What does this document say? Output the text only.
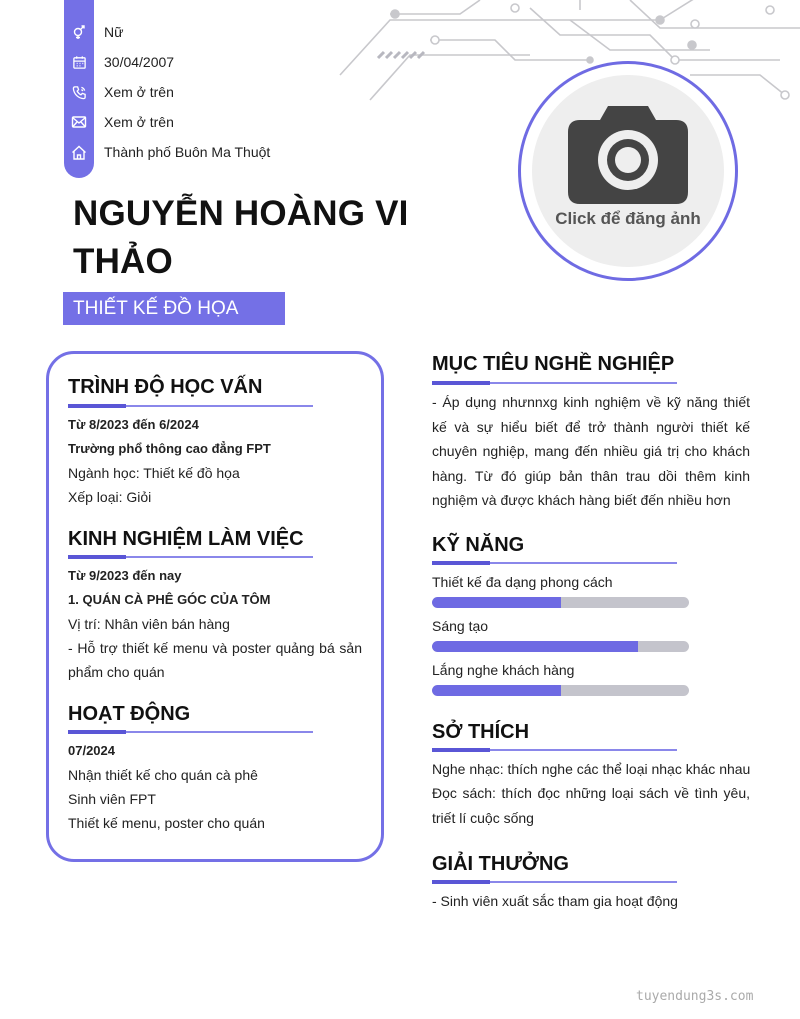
Nữ
30/04/2007
Xem ở trên
Xem ở trên
Thành phố Buôn Ma Thuột
NGUYỄN HOÀNG VI
THẢO
THIẾT KẾ ĐỒ HỌA
Click để đăng ảnh
TRÌNH ĐỘ HỌC VẤN
Từ 8/2023 đến 6/2024
Trường phổ thông cao đẳng FPT
Ngành học: Thiết kế đồ họa
Xếp loại: Giỏi
KINH NGHIỆM LÀM VIỆC
Từ 9/2023 đến nay
1. QUÁN CÀ PHÊ GÓC CỦA TÔM
Vị trí: Nhân viên bán hàng
- Hỗ trợ thiết kế menu và poster quảng bá sản
phẩm cho quán
HOẠT ĐỘNG
07/2024
Nhận thiết kế cho quán cà phê
Sinh viên FPT
Thiết kế menu, poster cho quán
MỤC TIÊU NGHỀ NGHIỆP
- Áp dụng nhưnnxg kinh nghiệm về kỹ năng thiết kế và sự hiểu biết để trở thành người thiết kế chuyên nghiệp, mang đến nhiều giá trị cho khách hàng. Từ đó giúp bản thân trau dồi thêm kinh nghiệm và được khách hàng biết đến nhiều hơn
KỸ NĂNG
Thiết kế đa dạng phong cách
Sáng tạo
Lắng nghe khách hàng
SỞ THÍCH
Nghe nhạc: thích nghe các thể loại nhạc khác nhau
Đọc sách: thích đọc những loại sách về tình yêu, triết lí cuộc sống
GIẢI THƯỞNG
- Sinh viên xuất sắc tham gia hoạt động
tuyendung3s.com
